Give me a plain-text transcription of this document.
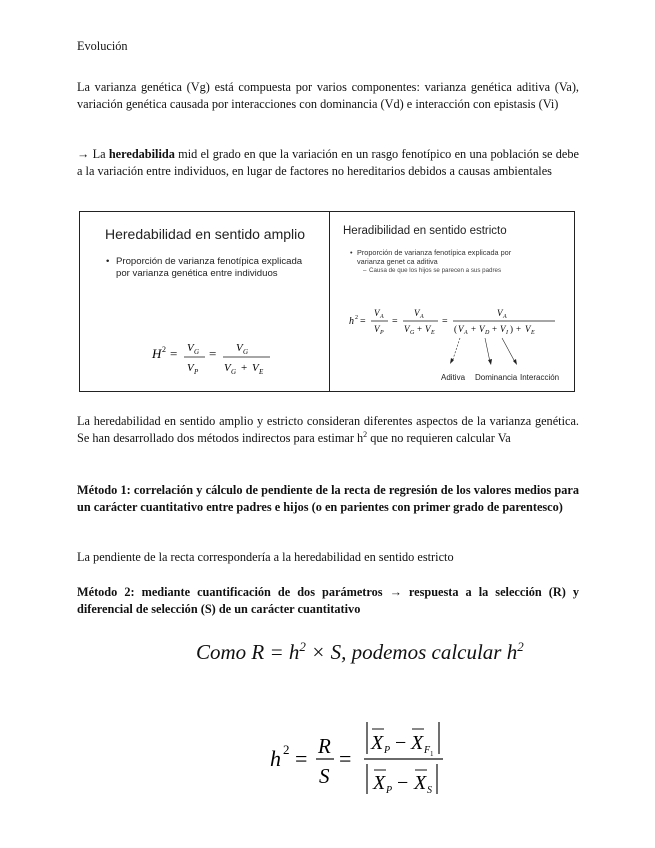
Evolución

La varianza genética (Vg) está compuesta por varios componentes: varianza genética aditiva (Va), variación genética causada por interacciones con dominancia (Vd) e interacción con epistasis (Vi)

→ La heredabilida mid el grado en que la variación en un rasgo fenotípico en una población se debe a la variación entre individuos, en lugar de factores no hereditarios debidos a causas ambientales

Heredabilidad en sentido amplio
• Proporción de varianza fenotípica explicada por varianza genética entre individuos
H 2 = V G
V P
= V G
V G + V E
Heradibilidad en sentido estricto
• Proporción de varianza fenotípica explicada por varianza genet ca aditiva
– Causa de que los hijos se parecen a sus padres
h 2 =
V A
V P
=
V A
V G + V E
=
V A
( V A + V D + V I ) + V E
Aditiva Dominancia Interacción

La heredabilidad en sentido amplio y estricto consideran diferentes aspectos de la varianza genética. Se han desarrollado dos métodos indirectos para estimar $h^2$ que no requieren calcular Va

Método 1: correlación y cálculo de pendiente de la recta de regresión de los valores medios para un carácter cuantitativo entre padres e hijos (o en parientes con primer grado de parentesco)

La pendiente de la recta correspondería a la heredabilidad en sentido estricto

Método 2: mediante cuantificación de dos parámetros → respuesta a la selección (R) y diferencial de selección (S) de un carácter cuantitativo

Como $R = h^2 \times S$, podemos calcular $h^2$
h 2 = R
S
=
X P − X F 1
X P − X S
